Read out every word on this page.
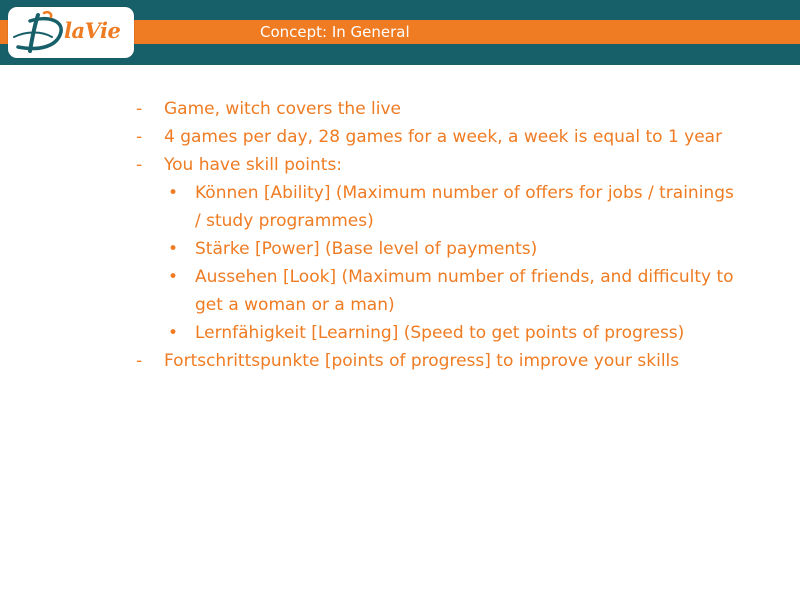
Concept: In General
laVie
- Game, witch covers the live
- 4 games per day, 28 games for a week, a week is equal to 1 year
- You have skill points:
• Können [Ability] (Maximum number of offers for jobs / trainings / study programmes)
• Stärke [Power] (Base level of payments)
• Aussehen [Look] (Maximum number of friends, and difficulty to get a woman or a man)
• Lernfähigkeit [Learning] (Speed to get points of progress)
- Fortschrittspunkte [points of progress] to improve your skills
